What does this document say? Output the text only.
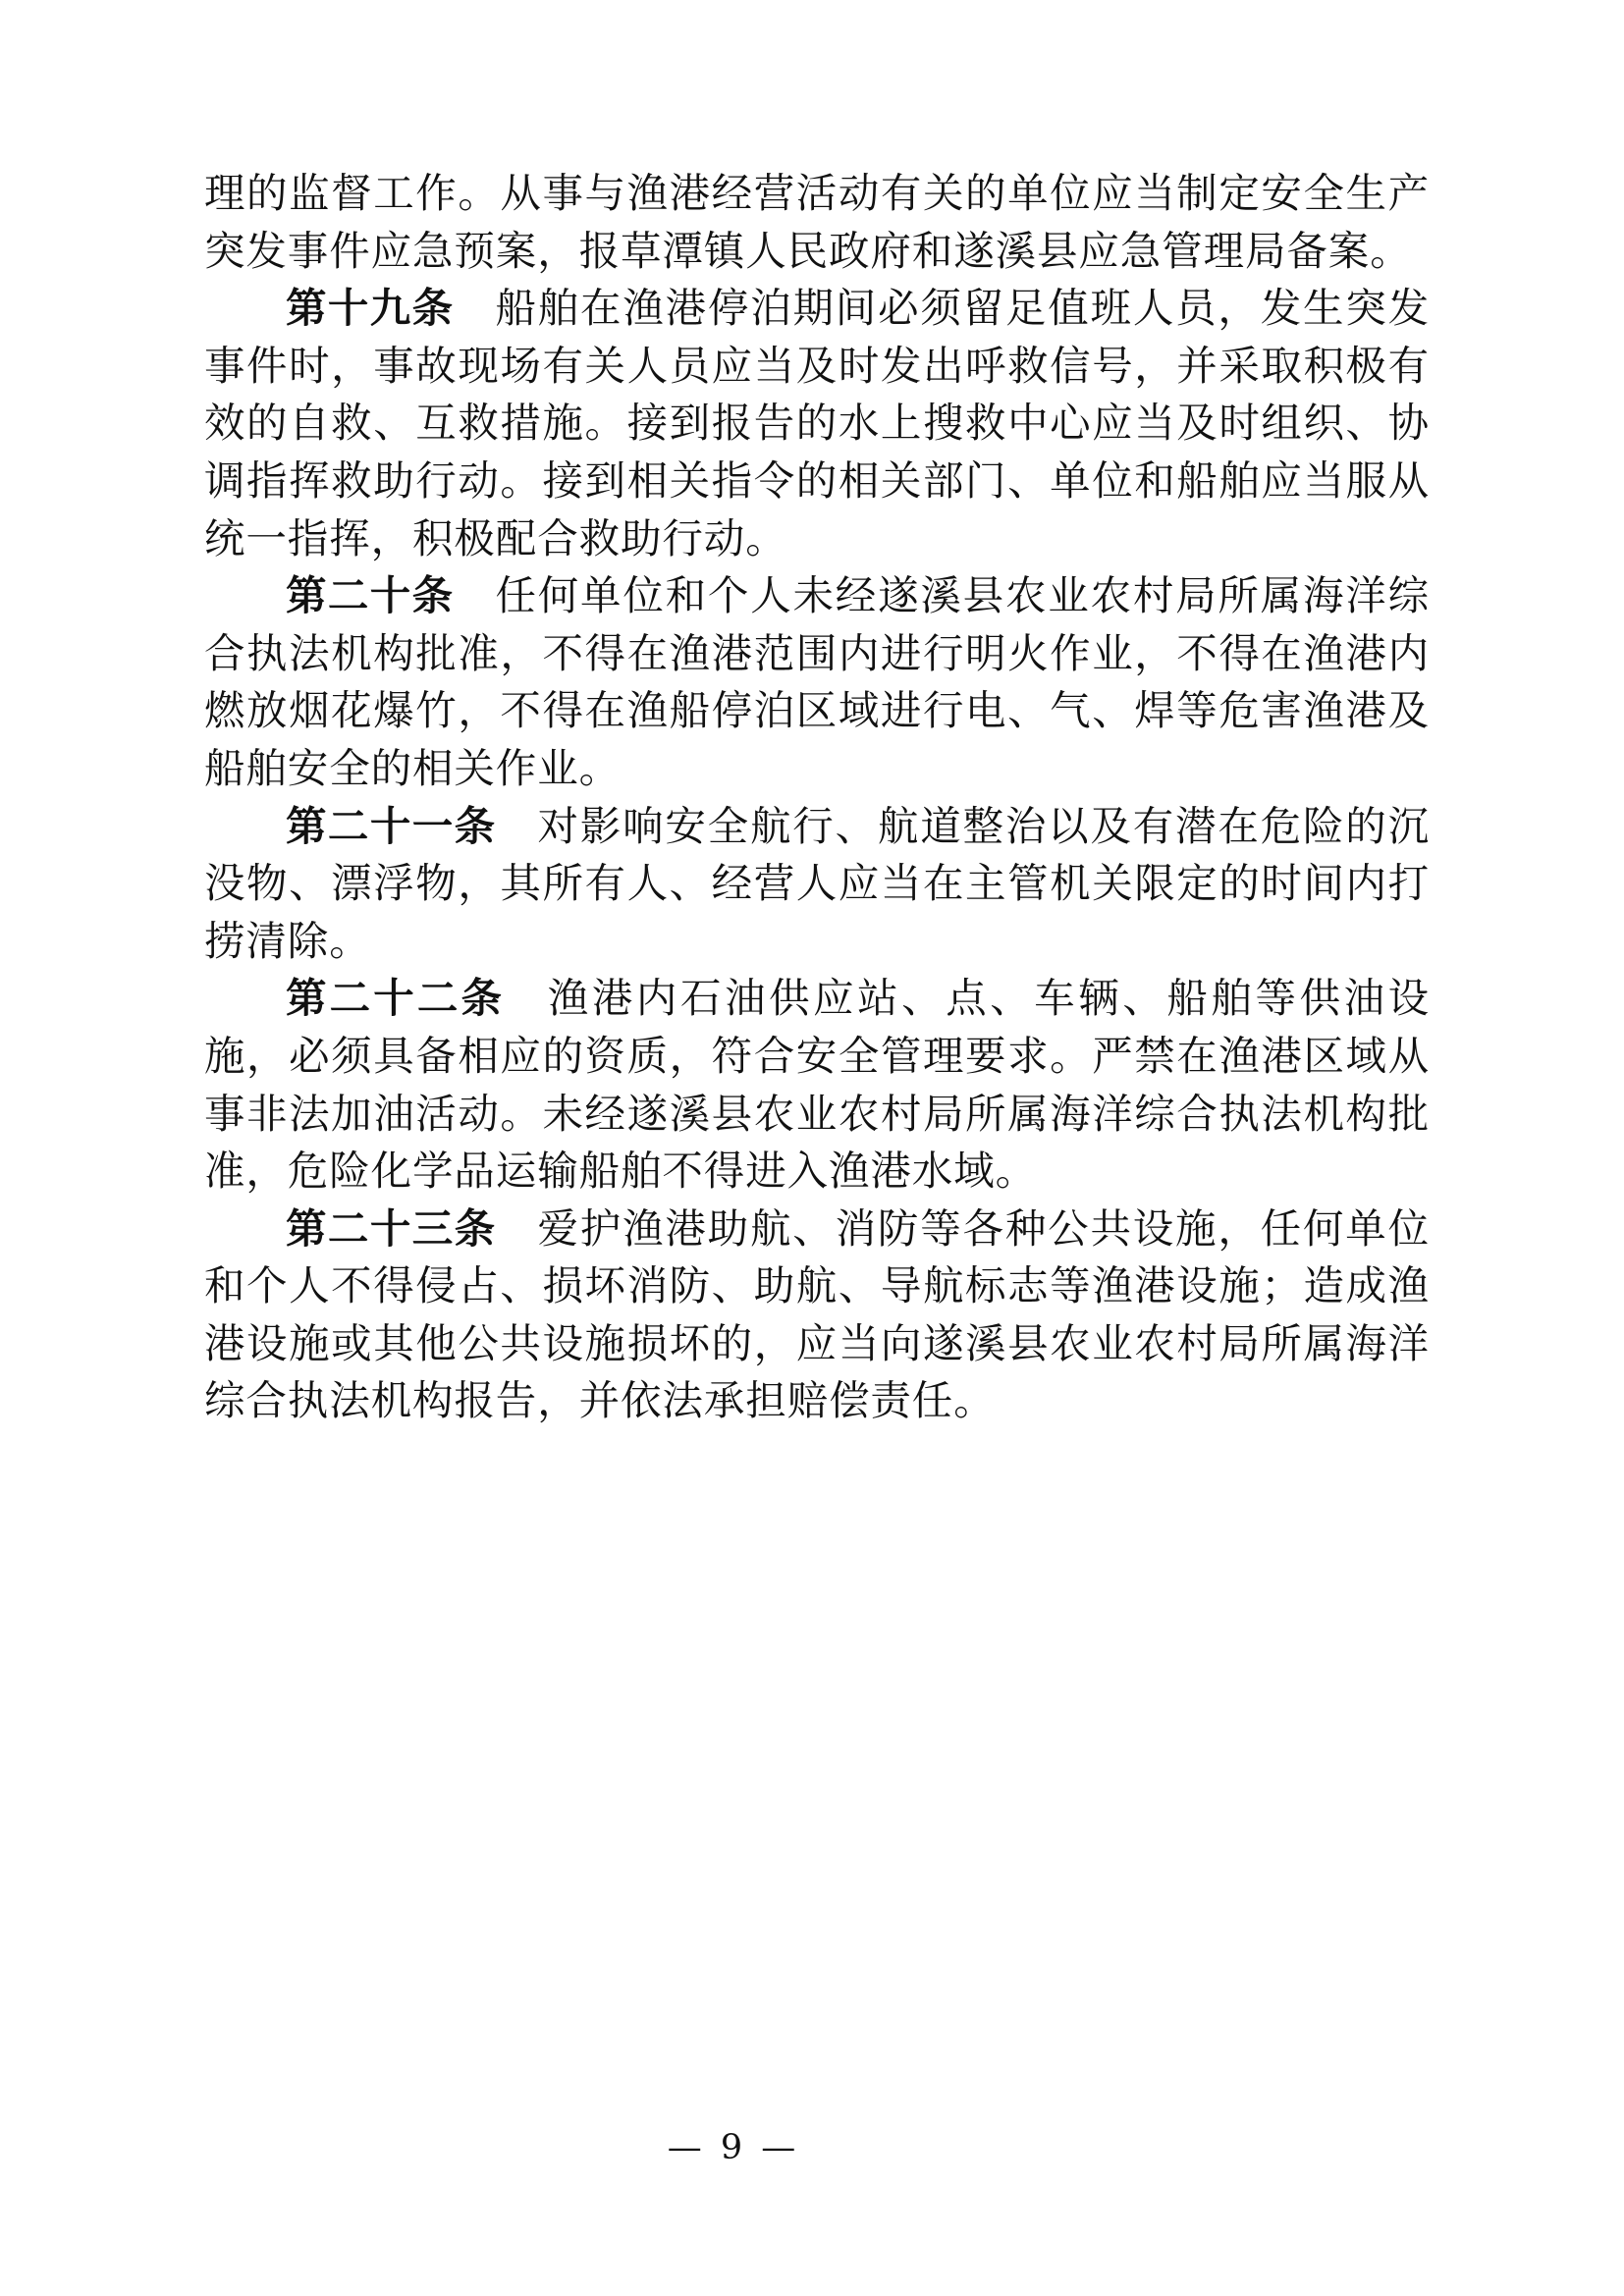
理的监督工作。从事与渔港经营活动有关的单位应当制定安全生产突发事件应急预案，报草潭镇人民政府和遂溪县应急管理局备案。

第十九条 船舶在渔港停泊期间必须留足值班人员，发生突发事件时，事故现场有关人员应当及时发出呼救信号，并采取积极有效的自救、互救措施。接到报告的水上搜救中心应当及时组织、协调指挥救助行动。接到相关指令的相关部门、单位和船舶应当服从统一指挥，积极配合救助行动。

第二十条 任何单位和个人未经遂溪县农业农村局所属海洋综合执法机构批准，不得在渔港范围内进行明火作业，不得在渔港内燃放烟花爆竹，不得在渔船停泊区域进行电、气、焊等危害渔港及船舶安全的相关作业。

第二十一条 对影响安全航行、航道整治以及有潜在危险的沉没物、漂浮物，其所有人、经营人应当在主管机关限定的时间内打捞清除。

第二十二条 渔港内石油供应站、点、车辆、船舶等供油设施，必须具备相应的资质，符合安全管理要求。严禁在渔港区域从事非法加油活动。未经遂溪县农业农村局所属海洋综合执法机构批准，危险化学品运输船舶不得进入渔港水域。

第二十三条 爱护渔港助航、消防等各种公共设施，任何单位和个人不得侵占、损坏消防、助航、导航标志等渔港设施；造成渔港设施或其他公共设施损坏的，应当向遂溪县农业农村局所属海洋综合执法机构报告，并依法承担赔偿责任。

— 9 —
